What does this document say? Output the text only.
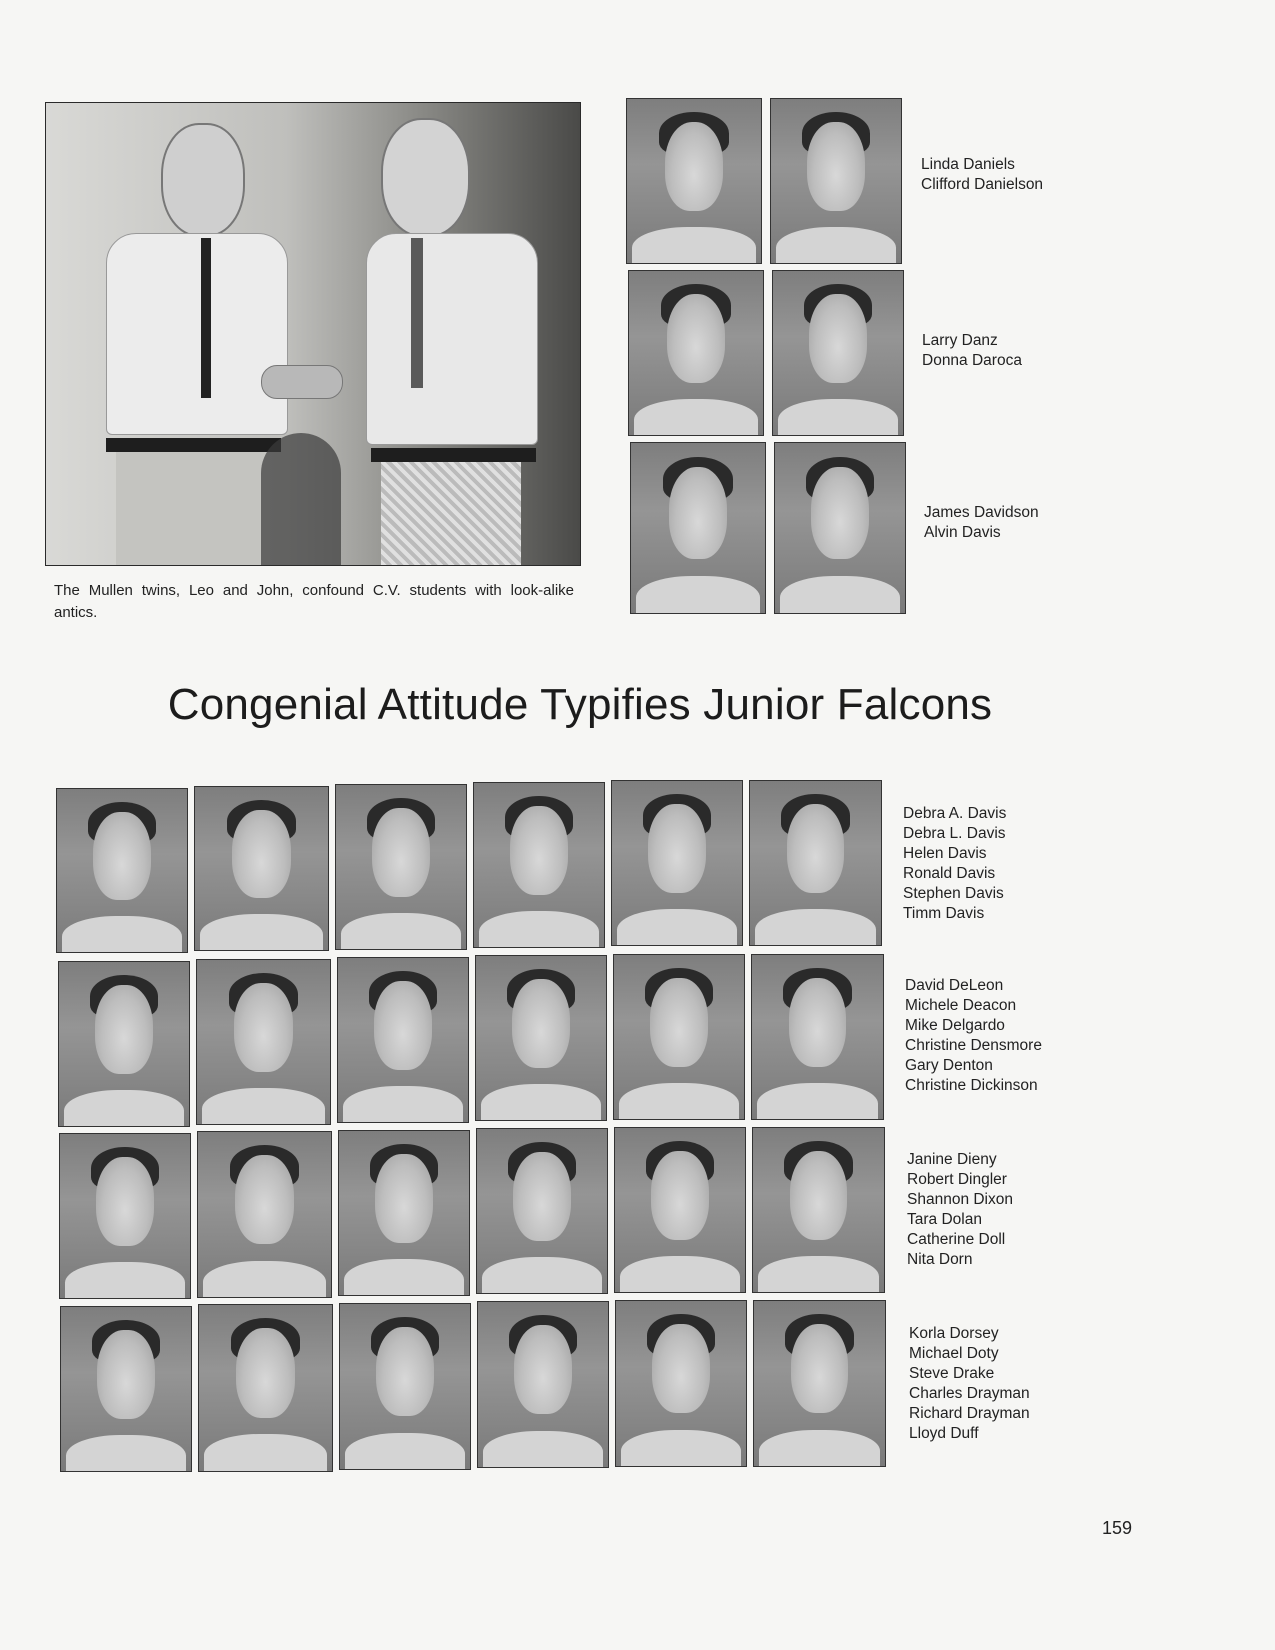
The Mullen twins, Leo and John, confound C.V. students with look-alike antics.
Linda Daniels
Clifford Danielson
Larry Danz
Donna Daroca
James Davidson
Alvin Davis
Congenial Attitude Typifies Junior Falcons
Debra A. Davis
Debra L. Davis
Helen Davis
Ronald Davis
Stephen Davis
Timm Davis
David DeLeon
Michele Deacon
Mike Delgardo
Christine Densmore
Gary Denton
Christine Dickinson
Janine Dieny
Robert Dingler
Shannon Dixon
Tara Dolan
Catherine Doll
Nita Dorn
Korla Dorsey
Michael Doty
Steve Drake
Charles Drayman
Richard Drayman
Lloyd Duff
159
